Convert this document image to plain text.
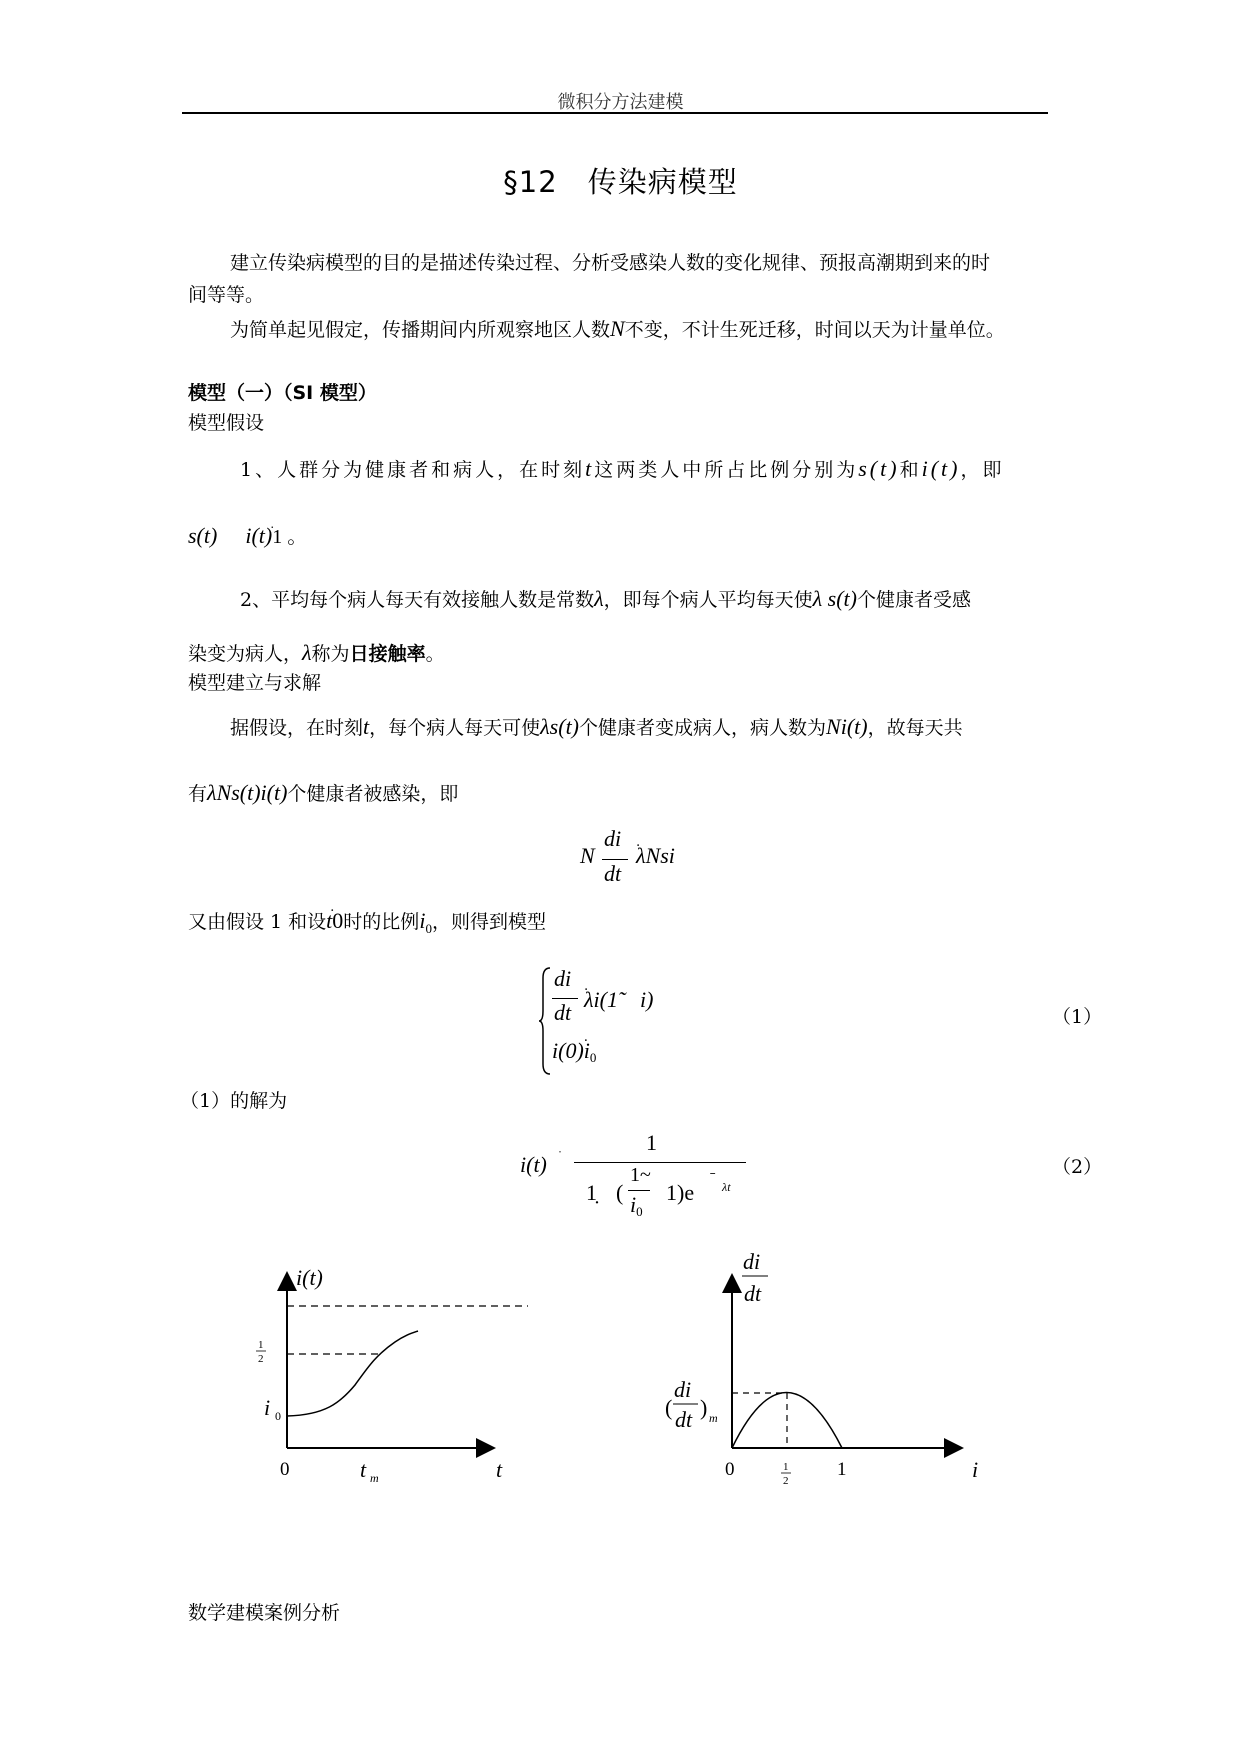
微积分方法建模
§12　传染病模型
建立传染病模型的目的是描述传染过程、分析受感染人数的变化规律、预报高潮期到来的时
间等等。
为简单起见假定，传播期间内所观察地区人数N不变，不计生死迁移，时间以天为计量单位。
模型（一）（SI 模型）
模型假设
1、人群分为健康者和病人，在时刻t这两类人中所占比例分别为s(t)和i(t)，即
s(t) i(t)ׄ1 。
2、平均每个病人每天有效接触人数是常数λ，即每个病人平均每天使λ s(t)个健康者受感
染变为病人，λ称为日接触率。
模型建立与求解
据假设，在时刻t，每个病人每天可使λs(t)个健康者变成病人，病人数为Ni(t)，故每天共
有λNs(t)i(t)个健康者被感染，即
N
di
dt
ׄλNsi
又由假设 1 和设tׄ0时的比例$i_0$，则得到模型
di
dt
ׄλi(1̃　i)
$i(0)ׄi_0$
（1）
（1）的解为
i(t)
1
1̣ (
1~
$i_0$
1)e
ˉ λt
（2）
i(t)
1
2
i 0
0	t m	t
di
dt
(
di
dt ) m
0	1
2
1	i
数学建模案例分析
